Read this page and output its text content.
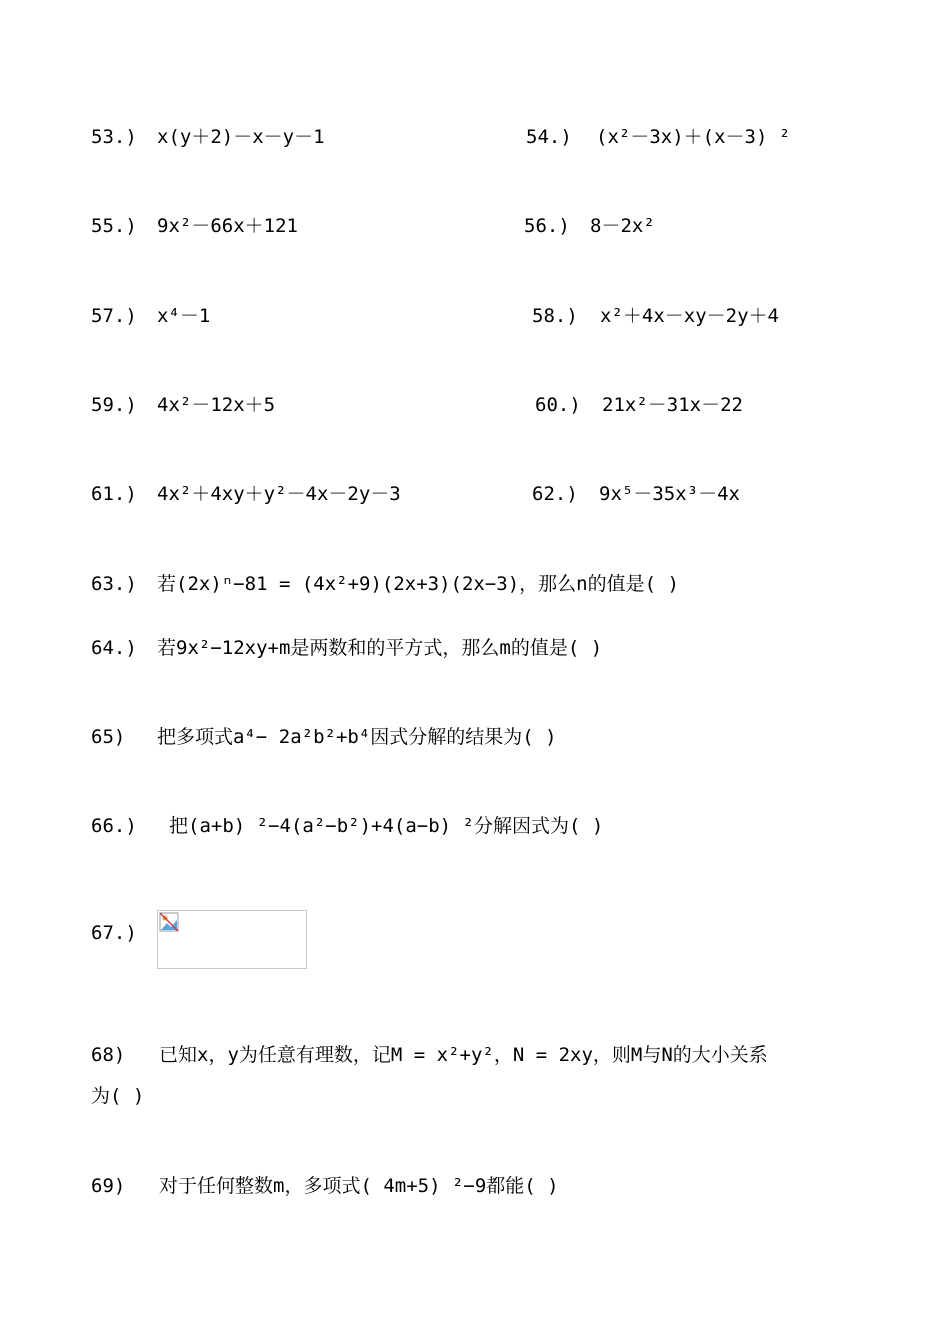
53.) x(y＋2)－x－y－1	54.) (x²－3x)＋(x－3) ²
55.) 9x²－66x＋121	56.) 8－2x²
57.) x⁴－1	58.) x²＋4x－xy－2y＋4
59.) 4x²－12x＋5	60.) 21x²－31x－22
61.) 4x²＋4xy＋y²－4x－2y－3	62.) 9x⁵－35x³－4x
63.) 若(2x)ⁿ−81 = (4x²+9)(2x+3)(2x−3)，那么n的值是( )
64.) 若9x²−12xy+m是两数和的平方式，那么m的值是( )
65) 把多项式a⁴− 2a²b²+b⁴因式分解的结果为( )
66.) 把(a+b) ²−4(a²−b²)+4(a−b) ²分解因式为( )
67.)
68) 已知x，y为任意有理数，记M = x²+y²，N = 2xy，则M与N的大小关系
为( )
69) 对于任何整数m，多项式( 4m+5) ²−9都能( )
